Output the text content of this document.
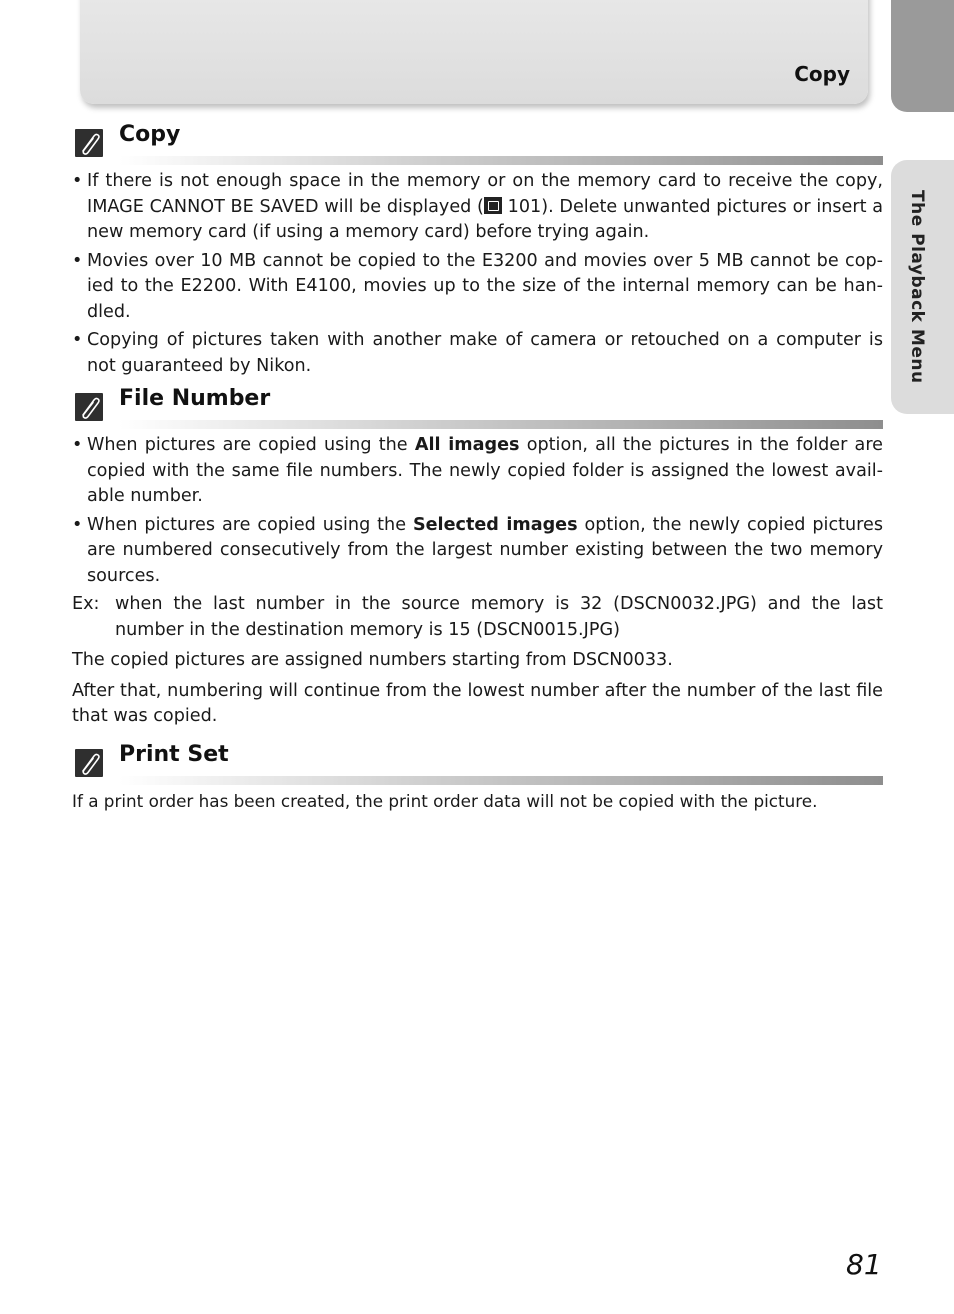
Copy
The Playback Menu
Copy
• If there is not enough space in the memory or on the memory card to receive the copy, IMAGE CANNOT BE SAVED will be displayed ( 101). Delete unwanted pictures or insert a new memory card (if using a memory card) before trying again.
• Movies over 10 MB cannot be copied to the E3200 and movies over 5 MB cannot be cop-ied to the E2200. With E4100, movies up to the size of the internal memory can be han-dled.
• Copying of pictures taken with another make of camera or retouched on a computer is not guaranteed by Nikon.
File Number
• When pictures are copied using the All images option, all the pictures in the folder are copied with the same file numbers. The newly copied folder is assigned the lowest avail-able number.
• When pictures are copied using the Selected images option, the newly copied pictures are numbered consecutively from the largest number existing between the two memory sources.
Ex: when the last number in the source memory is 32 (DSCN0032.JPG) and the last number in the destination memory is 15 (DSCN0015.JPG)

The copied pictures are assigned numbers starting from DSCN0033.

After that, numbering will continue from the lowest number after the number of the last file that was copied.

Print Set

If a print order has been created, the print order data will not be copied with the picture.

81
